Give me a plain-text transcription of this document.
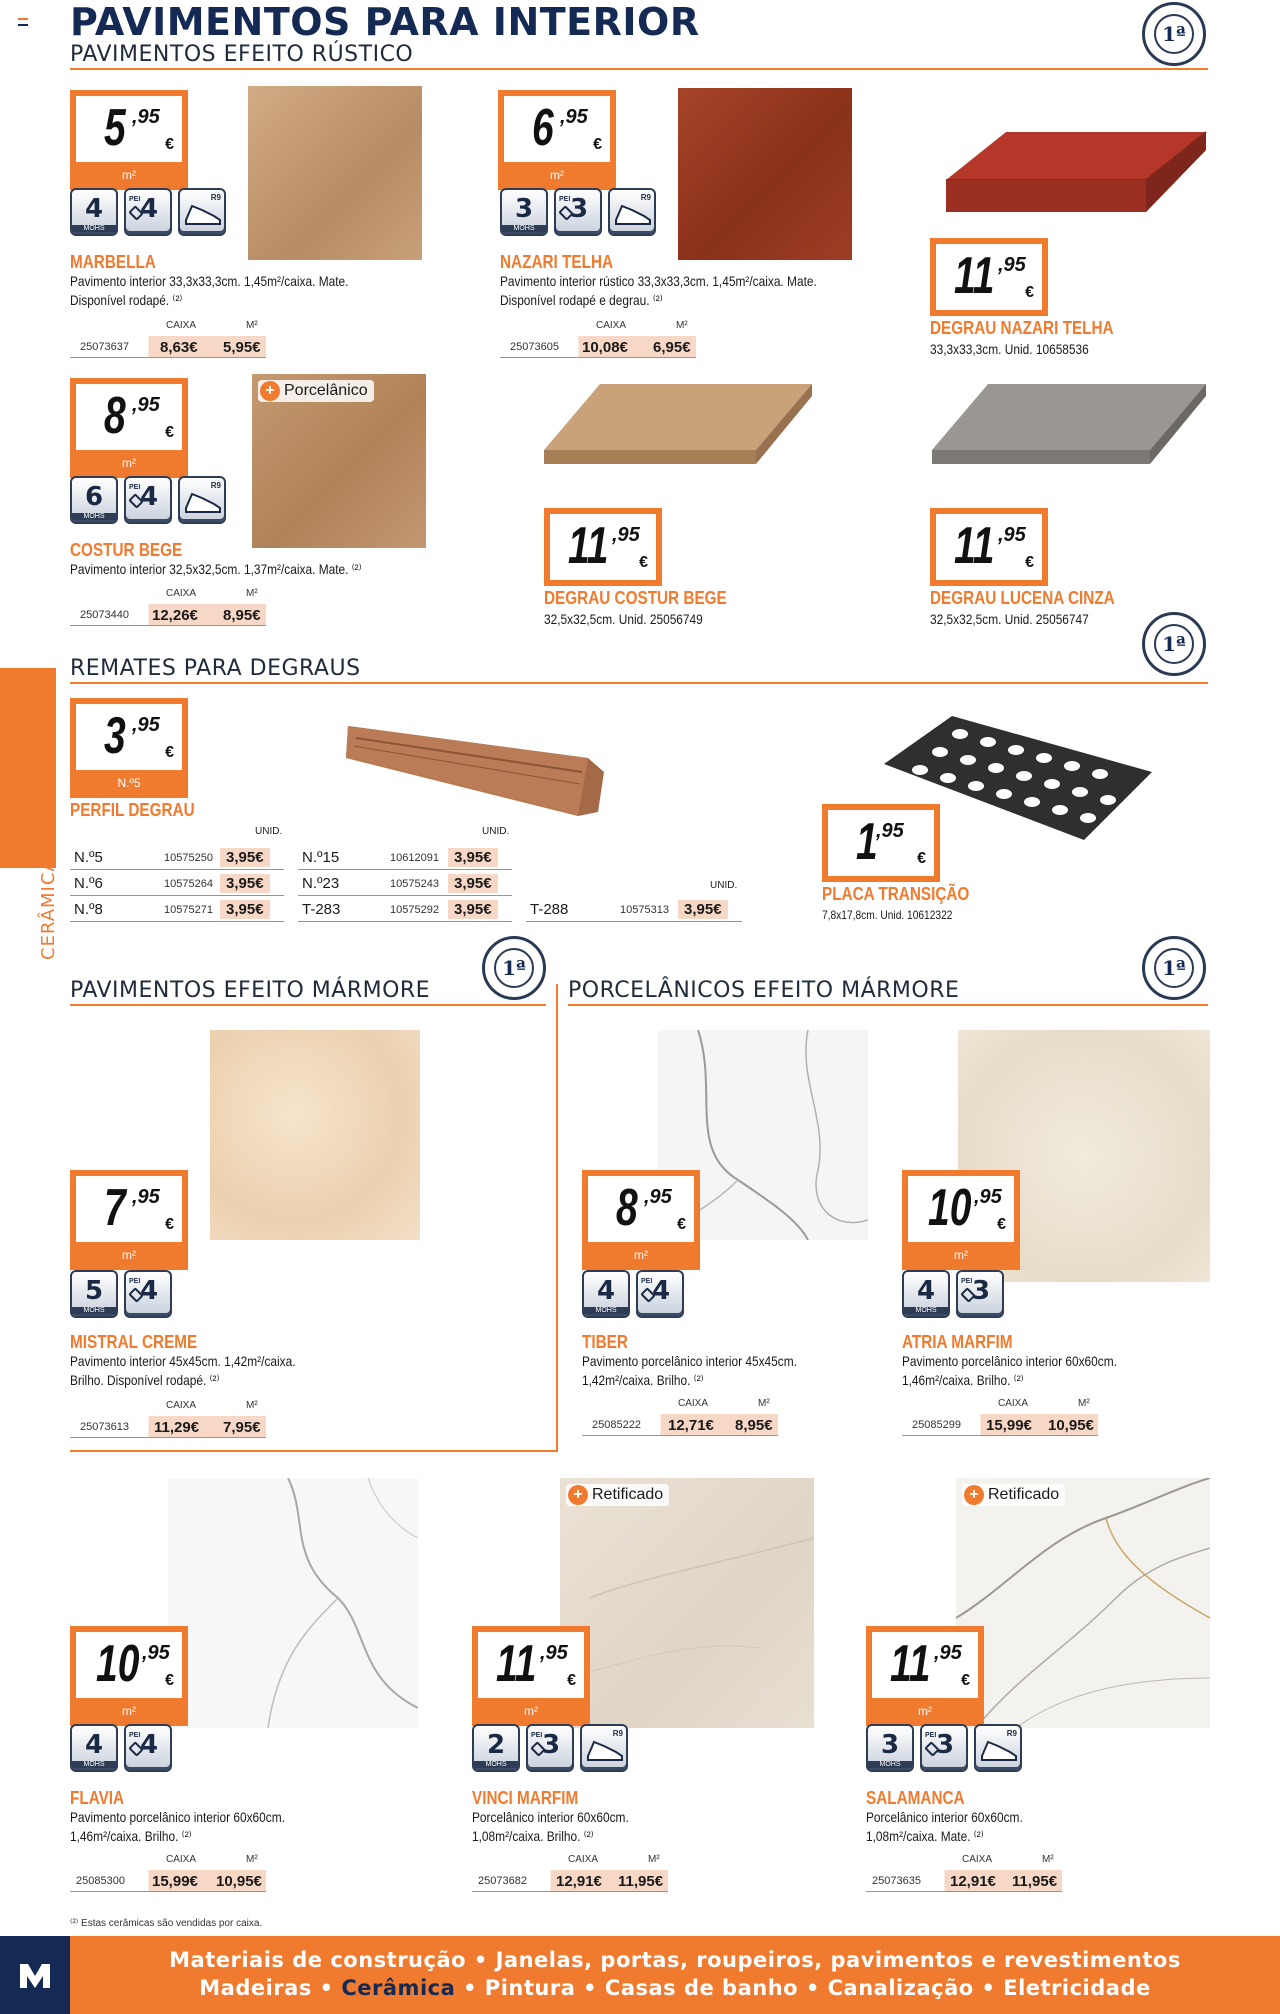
PAVIMENTOS PARA INTERIOR
PAVIMENTOS EFEITO RÚSTICO
1ª
5 ,95
€
m²
4
MOHS
PEI 4	R9
MARBELLA
Pavimento interior 33,3x33,3cm. 1,45m²/caixa. Mate.
Disponível rodapé. ⁽²⁾
CAIXA	M²
25073637 8,63€ 5,95€
6 ,95
€
m²
3
MOHS
PEI 3	R9
NAZARI TELHA
Pavimento interior rústico 33,3x33,3cm. 1,45m²/caixa. Mate.
Disponível rodapé e degrau. ⁽²⁾
CAIXA	M²
25073605 10,08€ 6,95€
11 ,95
€
DEGRAU NAZARI TELHA
33,3x33,3cm. Unid. 10658536
8 ,95
€
m²
+ Porcelânico
6
MOHS
PEI 4	R9
COSTUR BEGE
Pavimento interior 32,5x32,5cm. 1,37m²/caixa. Mate. ⁽²⁾
CAIXA	M²
25073440 12,26€ 8,95€
11 ,95
€
DEGRAU COSTUR BEGE
32,5x32,5cm. Unid. 25056749
11 ,95
€
DEGRAU LUCENA CINZA
32,5x32,5cm. Unid. 25056747
REMATES PARA DEGRAUS
1ª
3 ,95
€
N.º5
PERFIL DEGRAU
UNID.	UNID.
UNID.
N.º5	10575250 3,95€
N.º6	10575264 3,95€
N.º8	10575271 3,95€
N.º15	10612091	3,95€
N.º23	10575243	3,95€
T-283	10575292	3,95€	T-288	10575313	3,95€
1
,95
€
PLACA TRANSIÇÃO
7,8x17,8cm. Unid. 10612322
CERÂMICA
PAVIMENTOS EFEITO MÁRMORE
1ª
PORCELÂNICOS EFEITO MÁRMORE
1ª
7 ,95
€
m²
5
MOHS
PEI 4
MISTRAL CREME
Pavimento interior 45x45cm. 1,42m²/caixa.
Brilho. Disponível rodapé. ⁽²⁾
CAIXA	M²
25073613 11,29€ 7,95€
8 ,95
€
m²
4
MOHS
PEI 4
TIBER
Pavimento porcelânico interior 45x45cm.
1,42m²/caixa. Brilho. ⁽²⁾
CAIXA	M²
25085222 12,71€ 8,95€
10 ,95
€
m²
4
MOHS
PEI 3
ATRIA MARFIM
Pavimento porcelânico interior 60x60cm.
1,46m²/caixa. Brilho. ⁽²⁾
CAIXA	M²
25085299 15,99€ 10,95€
10 ,95
€
m²
4
MOHS
PEI 4
FLAVIA
Pavimento porcelânico interior 60x60cm.
1,46m²/caixa. Brilho. ⁽²⁾
CAIXA	M²
25085300 15,99€ 10,95€
+ Retificado
11 ,95
€
m²
2
MOHS
PEI 3	R9
VINCI MARFIM
Porcelânico interior 60x60cm.
1,08m²/caixa. Brilho. ⁽²⁾
CAIXA	M²
25073682 12,91€ 11,95€
+ Retificado
11 ,95
€
m²
3
MOHS
PEI 3	R9
SALAMANCA
Porcelânico interior 60x60cm.
1,08m²/caixa. Mate. ⁽²⁾
CAIXA	M²
25073635 12,91€ 11,95€
⁽²⁾ Estas cerâmicas são vendidas por caixa.
Materiais de construção • Janelas, portas, roupeiros, pavimentos e revestimentos
Madeiras • Cerâmica • Pintura • Casas de banho • Canalização • Eletricidade
